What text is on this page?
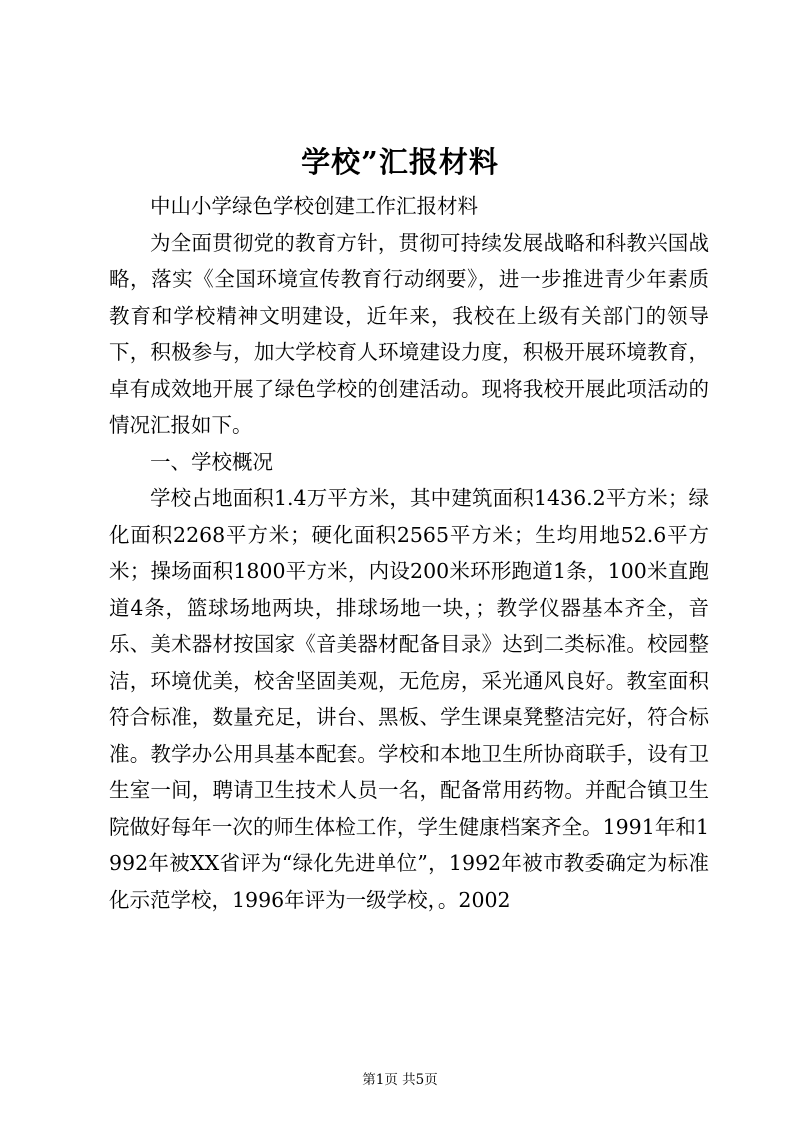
学校”汇报材料

中山小学绿色学校创建工作汇报材料

为全面贯彻党的教育方针，贯彻可持续发展战略和科教兴国战略，落实《全国环境宣传教育行动纲要》，进一步推进青少年素质教育和学校精神文明建设，近年来，我校在上级有关部门的领导下，积极参与，加大学校育人环境建设力度，积极开展环境教育，卓有成效地开展了绿色学校的创建活动。现将我校开展此项活动的情况汇报如下。

一、学校概况

学校占地面积1.4万平方米，其中建筑面积1436.2平方米；绿化面积2268平方米；硬化面积2565平方米；生均用地52.6平方米；操场面积1800平方米，内设200米环形跑道1条，100米直跑道4条，篮球场地两块，排球场地一块，；教学仪器基本齐全，音乐、美术器材按国家《音美器材配备目录》达到二类标准。校园整洁，环境优美，校舍坚固美观，无危房，采光通风良好。教室面积符合标准，数量充足，讲台、黑板、学生课桌凳整洁完好，符合标准。教学办公用具基本配套。学校和本地卫生所协商联手，设有卫生室一间，聘请卫生技术人员一名，配备常用药物。并配合镇卫生院做好每年一次的师生体检工作，学生健康档案齐全。1991年和1992年被XX省评为“绿化先进单位”，1992年被市教委确定为标准化示范学校，1996年评为一级学校，。2002

第1页 共5页
